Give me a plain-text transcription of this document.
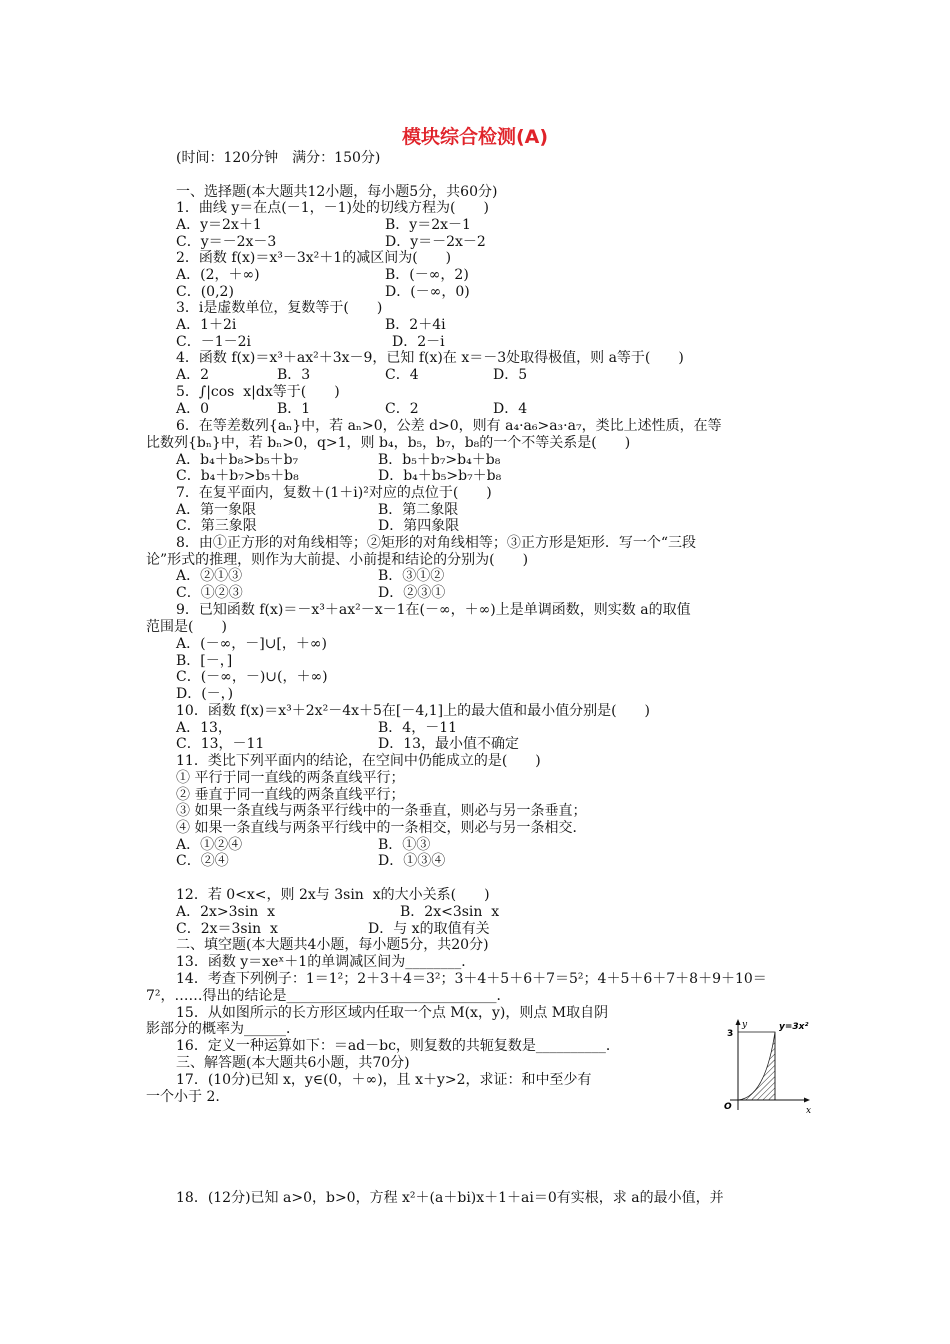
模块综合检测(A)
(时间：120分钟　满分：150分)
一、选择题(本大题共12小题，每小题5分，共60分)
1．曲线 y＝在点(－1，－1)处的切线方程为(　　)
A．y＝2x＋1	B．y＝2x－1
C．y＝－2x－3	D．y＝－2x－2
2．函数 f(x)＝x³－3x²＋1的减区间为(　　)
A．(2，＋∞)	B．(－∞，2)
C．(0,2)	D．(－∞，0)
3．i是虚数单位，复数等于(　　)
A．1＋2i	B．2＋4i
C．－1－2i	D．2－i
4．函数 f(x)＝x³＋ax²＋3x－9，已知 f(x)在 x＝－3处取得极值，则 a等于(　　)
A．2	B．3	C．4	D．5
5．∫|cos  x|dx等于(　　)
A．0	B．1	C．2	D．4
6．在等差数列{aₙ}中，若 aₙ>0，公差 d>0，则有 a₄·a₆>a₃·a₇，类比上述性质，在等
比数列{bₙ}中，若 bₙ>0，q>1，则 b₄，b₅，b₇，b₈的一个不等关系是(　　)
A．b₄＋b₈>b₅＋b₇	B．b₅＋b₇>b₄＋b₈
C．b₄＋b₇>b₅＋b₈	D．b₄＋b₅>b₇＋b₈
7．在复平面内，复数＋(1＋i)²对应的点位于(　　)
A．第一象限	B．第二象限
C．第三象限	D．第四象限
8．由①正方形的对角线相等；②矩形的对角线相等；③正方形是矩形．写一个“三段
论”形式的推理，则作为大前提、小前提和结论的分别为(　　)
A．②①③	B．③①②
C．①②③	D．②③①
9．已知函数 f(x)＝－x³＋ax²－x－1在(－∞，＋∞)上是单调函数，则实数 a的取值
范围是(　　)
A．(－∞，－]∪[，＋∞)
B．[－，]
C．(－∞，－)∪(，＋∞)
D．(－，)
10．函数 f(x)＝x³＋2x²－4x＋5在[－4,1]上的最大值和最小值分别是(　　)
A．13，	B．4，－11
C．13，－11	D．13，最小值不确定
11．类比下列平面内的结论，在空间中仍能成立的是(　　)
① 平行于同一直线的两条直线平行；
② 垂直于同一直线的两条直线平行；
③ 如果一条直线与两条平行线中的一条垂直，则必与另一条垂直；
④ 如果一条直线与两条平行线中的一条相交，则必与另一条相交．
A．①②④	B．①③
C．②④	D．①③④
12．若 0<x<，则 2x与 3sin  x的大小关系(　　)
A．2x>3sin  x	B．2x<3sin  x
C．2x＝3sin  x	D．与 x的取值有关
二、填空题(本大题共4小题，每小题5分，共20分)
13．函数 y＝xeˣ＋1的单调减区间为________．
14．考查下列例子：1＝1²；2＋3＋4＝3²；3＋4＋5＋6＋7＝5²；4＋5＋6＋7＋8＋9＋10＝
7²，……得出的结论是______________________________．
15．从如图所示的长方形区域内任取一个点 M(x，y)，则点 M取自阴
影部分的概率为______．
16．定义一种运算如下：＝ad－bc，则复数的共轭复数是__________．
三、解答题(本大题共6小题，共70分)
17．(10分)已知 x，y∈(0，＋∞)，且 x＋y>2，求证：和中至少有
一个小于 2.
18．(12分)已知 a>0，b>0，方程 x²＋(a＋bi)x＋1＋ai＝0有实根，求 a的最小值，并
y
x
y=3x²
3
O
